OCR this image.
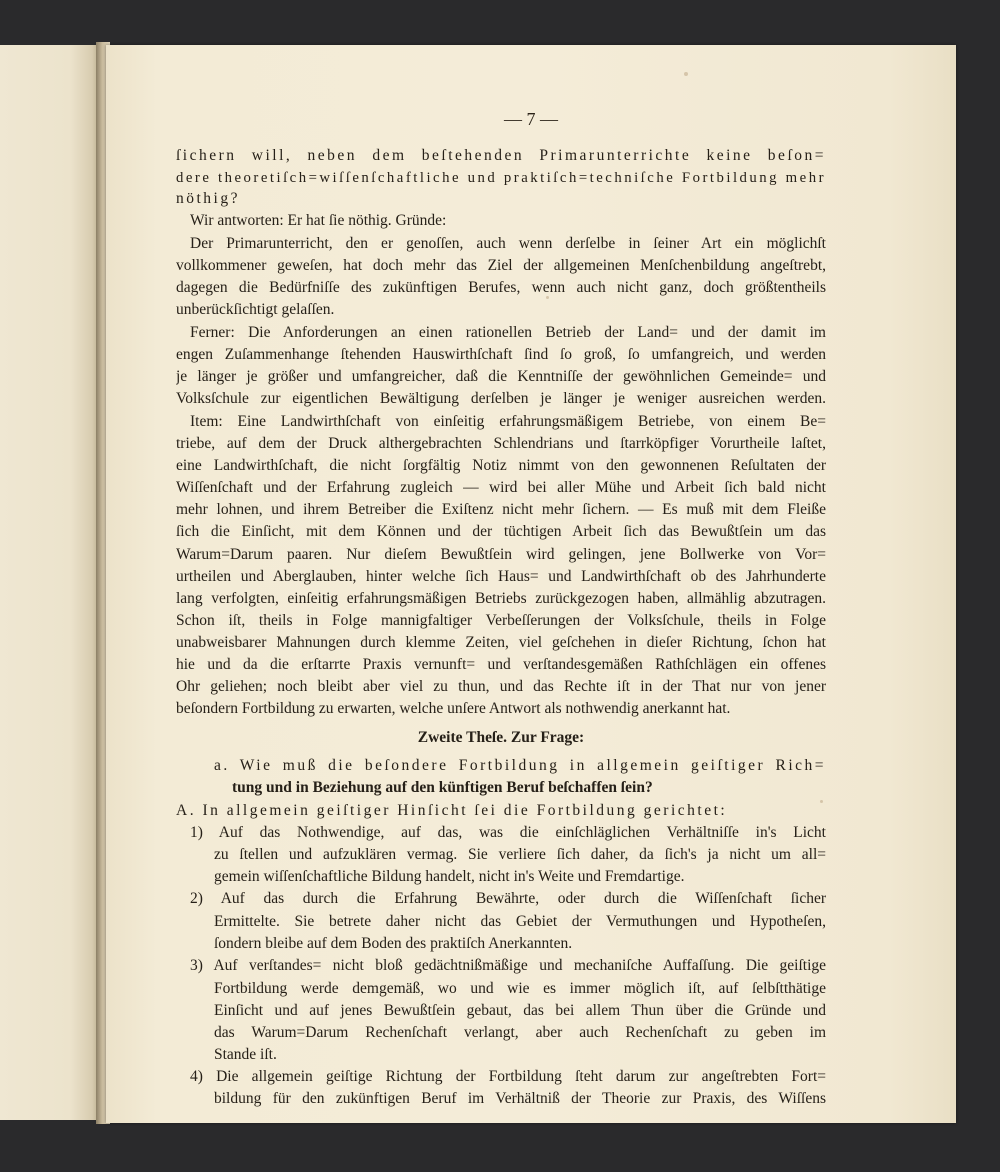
— 7 —
ſichern will, neben dem beſtehenden Primarunterrichte keine beſon=
dere theoretiſch=wiſſenſchaftliche und praktiſch=techniſche Fortbildung mehr
nöthig?
Wir antworten: Er hat ſie nöthig. Gründe:
Der Primarunterricht, den er genoſſen, auch wenn derſelbe in ſeiner Art ein möglichſt
vollkommener geweſen, hat doch mehr das Ziel der allgemeinen Menſchenbildung angeſtrebt,
dagegen die Bedürfniſſe des zukünftigen Berufes, wenn auch nicht ganz, doch größtentheils
unberückſichtigt gelaſſen.
Ferner: Die Anforderungen an einen rationellen Betrieb der Land= und der damit im
engen Zuſammenhange ſtehenden Hauswirthſchaft ſind ſo groß, ſo umfangreich, und werden
je länger je größer und umfangreicher, daß die Kenntniſſe der gewöhnlichen Gemeinde= und
Volksſchule zur eigentlichen Bewältigung derſelben je länger je weniger ausreichen werden.
Item: Eine Landwirthſchaft von einſeitig erfahrungsmäßigem Betriebe, von einem Be=
triebe, auf dem der Druck althergebrachten Schlendrians und ſtarrköpfiger Vorurtheile laſtet,
eine Landwirthſchaft, die nicht ſorgfältig Notiz nimmt von den gewonnenen Reſultaten der
Wiſſenſchaft und der Erfahrung zugleich — wird bei aller Mühe und Arbeit ſich bald nicht
mehr lohnen, und ihrem Betreiber die Exiſtenz nicht mehr ſichern. — Es muß mit dem Fleiße
ſich die Einſicht, mit dem Können und der tüchtigen Arbeit ſich das Bewußtſein um das
Warum=Darum paaren. Nur dieſem Bewußtſein wird gelingen, jene Bollwerke von Vor=
urtheilen und Aberglauben, hinter welche ſich Haus= und Landwirthſchaft ob des Jahrhunderte
lang verfolgten, einſeitig erfahrungsmäßigen Betriebs zurückgezogen haben, allmählig abzutragen.
Schon iſt, theils in Folge mannigfaltiger Verbeſſerungen der Volksſchule, theils in Folge
unabweisbarer Mahnungen durch klemme Zeiten, viel geſchehen in dieſer Richtung, ſchon hat
hie und da die erſtarrte Praxis vernunft= und verſtandesgemäßen Rathſchlägen ein offenes
Ohr geliehen; noch bleibt aber viel zu thun, und das Rechte iſt in der That nur von jener
beſondern Fortbildung zu erwarten, welche unſere Antwort als nothwendig anerkannt hat.
Zweite Theſe. Zur Frage:
a. Wie muß die beſondere Fortbildung in allgemein geiſtiger Rich=
tung und in Beziehung auf den künftigen Beruf beſchaffen ſein?
A. In allgemein geiſtiger Hinſicht ſei die Fortbildung gerichtet:
1) Auf das Nothwendige, auf das, was die einſchläglichen Verhältniſſe in's Licht
zu ſtellen und aufzuklären vermag. Sie verliere ſich daher, da ſich's ja nicht um all=
gemein wiſſenſchaftliche Bildung handelt, nicht in's Weite und Fremdartige.
2) Auf das durch die Erfahrung Bewährte, oder durch die Wiſſenſchaft ſicher
Ermittelte. Sie betrete daher nicht das Gebiet der Vermuthungen und Hypotheſen,
ſondern bleibe auf dem Boden des praktiſch Anerkannten.
3) Auf verſtandes= nicht bloß gedächtnißmäßige und mechaniſche Auffaſſung. Die geiſtige
Fortbildung werde demgemäß, wo und wie es immer möglich iſt, auf ſelbſtthätige
Einſicht und auf jenes Bewußtſein gebaut, das bei allem Thun über die Gründe und
das Warum=Darum Rechenſchaft verlangt, aber auch Rechenſchaft zu geben im
Stande iſt.
4) Die allgemein geiſtige Richtung der Fortbildung ſteht darum zur angeſtrebten Fort=
bildung für den zukünftigen Beruf im Verhältniß der Theorie zur Praxis, des Wiſſens
